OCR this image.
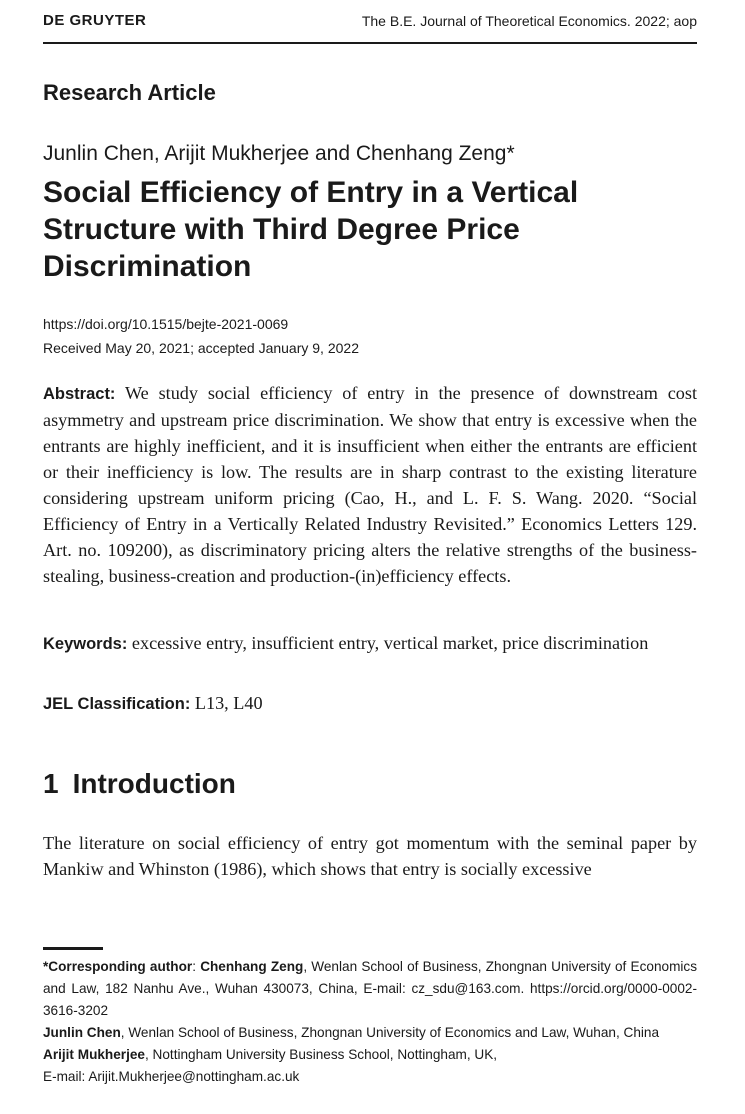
DE GRUYTER	The B.E. Journal of Theoretical Economics. 2022; aop
Research Article
Junlin Chen, Arijit Mukherjee and Chenhang Zeng*
Social Efficiency of Entry in a Vertical Structure with Third Degree Price Discrimination
https://doi.org/10.1515/bejte-2021-0069
Received May 20, 2021; accepted January 9, 2022

Abstract: We study social efficiency of entry in the presence of downstream cost asymmetry and upstream price discrimination. We show that entry is excessive when the entrants are highly inefficient, and it is insufficient when either the entrants are efficient or their inefficiency is low. The results are in sharp contrast to the existing literature considering upstream uniform pricing (Cao, H., and L. F. S. Wang. 2020. “Social Efficiency of Entry in a Vertically Related Industry Revisited.” Economics Letters 129. Art. no. 109200), as discriminatory pricing alters the relative strengths of the business-stealing, business-creation and production-(in)efficiency effects.

Keywords: excessive entry, insufficient entry, vertical market, price discrimination

JEL Classification: L13, L40
1 Introduction

The literature on social efficiency of entry got momentum with the seminal paper by Mankiw and Whinston (1986), which shows that entry is socially excessive

*Corresponding author: Chenhang Zeng, Wenlan School of Business, Zhongnan University of Economics and Law, 182 Nanhu Ave., Wuhan 430073, China, E-mail: cz_sdu@163.com. https://orcid.org/0000-0002-3616-3202

Junlin Chen, Wenlan School of Business, Zhongnan University of Economics and Law, Wuhan, China

Arijit Mukherjee, Nottingham University Business School, Nottingham, UK,
E-mail: Arijit.Mukherjee@nottingham.ac.uk
